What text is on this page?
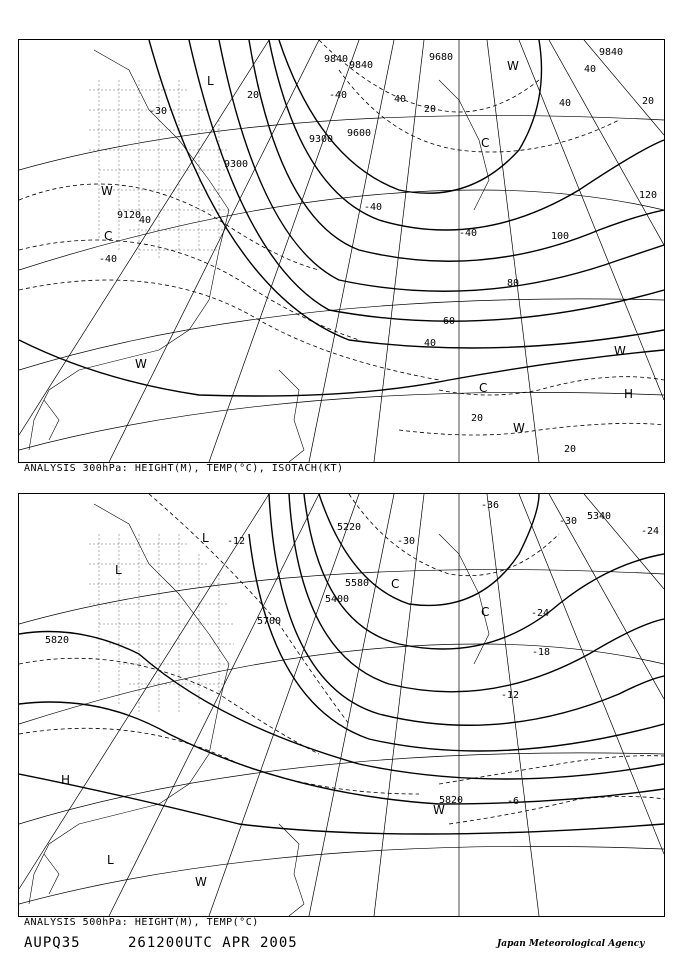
9120
9300
9300
9840
9840
9600
9840
9680
40
40
40
40
40
20
20
20
20
20
60
80
100
120
-30
-40
-40
-40
-40
W
C
W
C
W
H
W
W
L
C
ANALYSIS 300hPa: HEIGHT(M), TEMP(°C), ISOTACH(KT)
5220
5340
5400
5580
5700
5820
5820
-12	-30
-24
-18
-12
-6
-36
-30
-24
H
L
W
C
L
W
C
L
ANALYSIS 500hPa: HEIGHT(M), TEMP(°C)
AUPQ35	261200UTC APR 2005	Japan Meteorological Agency
